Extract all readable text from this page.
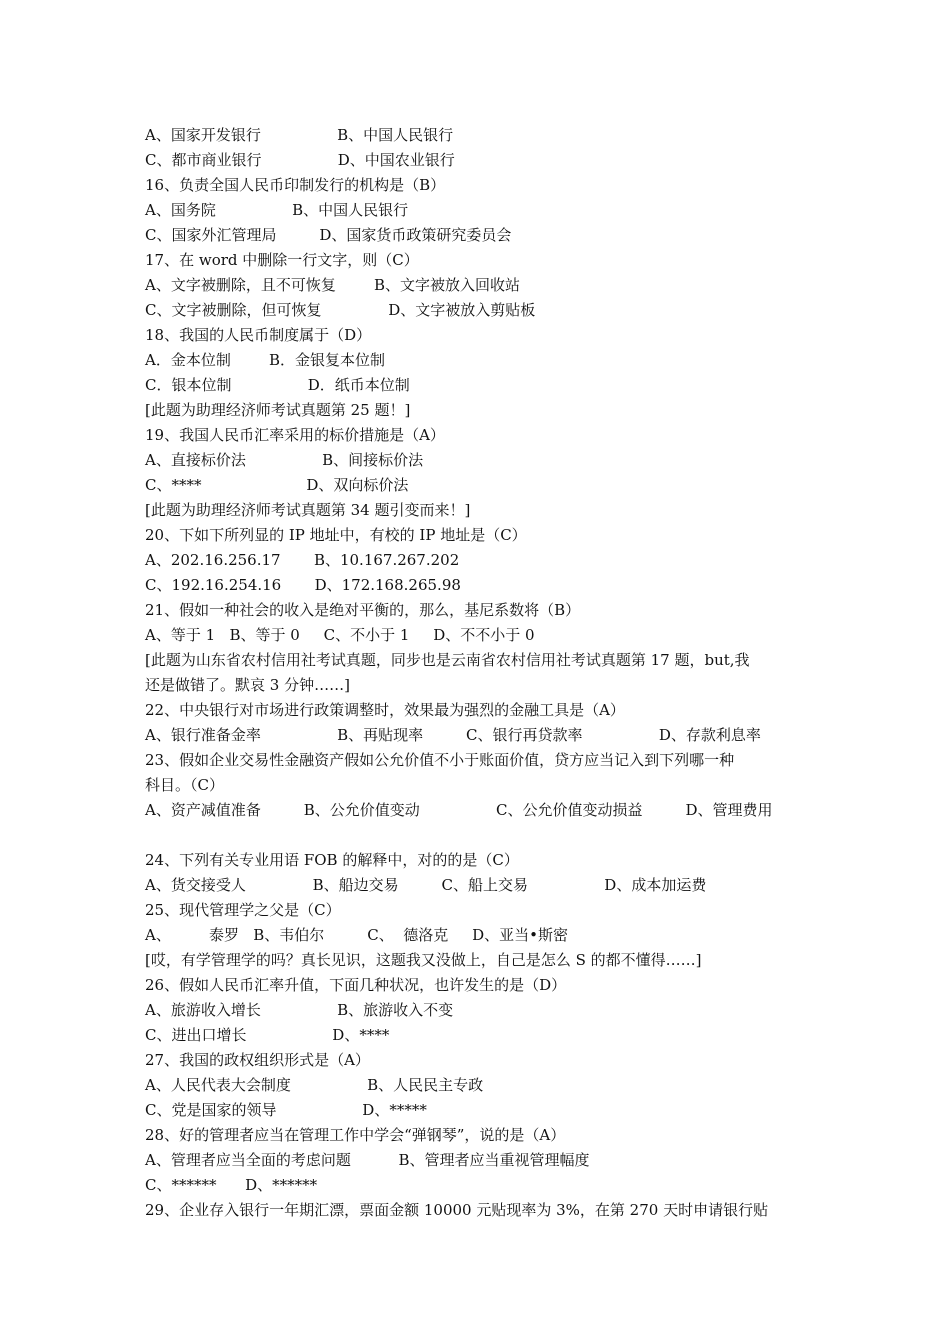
A、国家开发银行                B、中国人民银行
C、都市商业银行                D、中国农业银行
16、负责全国人民币印制发行的机构是（B）
A、国务院                B、中国人民银行
C、国家外汇管理局         D、国家货币政策研究委员会
17、在 word 中删除一行文字，则（C）
A、文字被删除，且不可恢复        B、文字被放入回收站
C、文字被删除，但可恢复              D、文字被放入剪贴板
18、我国的人民币制度属于（D）
A．金本位制        B．金银复本位制
C．银本位制                D．纸币本位制
[此题为助理经济师考试真题第 25 题！]
19、我国人民币汇率采用的标价措施是（A）
A、直接标价法                B、间接标价法
C、****                      D、双向标价法
[此题为助理经济师考试真题第 34 题引变而来！]
20、下如下所列显的 IP 地址中，有校的 IP 地址是（C）
A、202.16.256.17       B、10.167.267.202
C、192.16.254.16       D、172.168.265.98
21、假如一种社会的收入是绝对平衡的，那么，基尼系数将（B）
A、等于 1   B、等于 0     C、不小于 1     D、不不小于 0
[此题为山东省农村信用社考试真题，同步也是云南省农村信用社考试真题第 17 题，but,我
还是做错了。默哀 3 分钟……]
22、中央银行对市场进行政策调整时，效果最为强烈的金融工具是（A）
A、银行准备金率                B、再贴现率         C、银行再贷款率                D、存款利息率
23、假如企业交易性金融资产假如公允价值不小于账面价值，贷方应当记入到下列哪一种
科目。（C）
A、资产减值准备         B、公允价值变动                C、公允价值变动损益         D、管理费用
24、下列有关专业用语 FOB 的解释中，对的的是（C）
A、货交接受人              B、船边交易         C、船上交易                D、成本加运费
25、现代管理学之父是（C）
A、        泰罗   B、韦伯尔         C、  德洛克     D、亚当•斯密
[哎，有学管理学的吗？真长见识，这题我又没做上，自己是怎么 S 的都不懂得……]
26、假如人民币汇率升值，下面几种状况，也许发生的是（D）
A、旅游收入增长                B、旅游收入不变
C、进出口增长                  D、****
27、我国的政权组织形式是（A）
A、人民代表大会制度                B、人民民主专政
C、党是国家的领导                  D、*****
28、好的管理者应当在管理工作中学会“弹钢琴”，说的是（A）
A、管理者应当全面的考虑问题          B、管理者应当重视管理幅度
C、******      D、******
29、企业存入银行一年期汇漂，票面金额 10000 元贴现率为 3%，在第 270 天时申请银行贴
